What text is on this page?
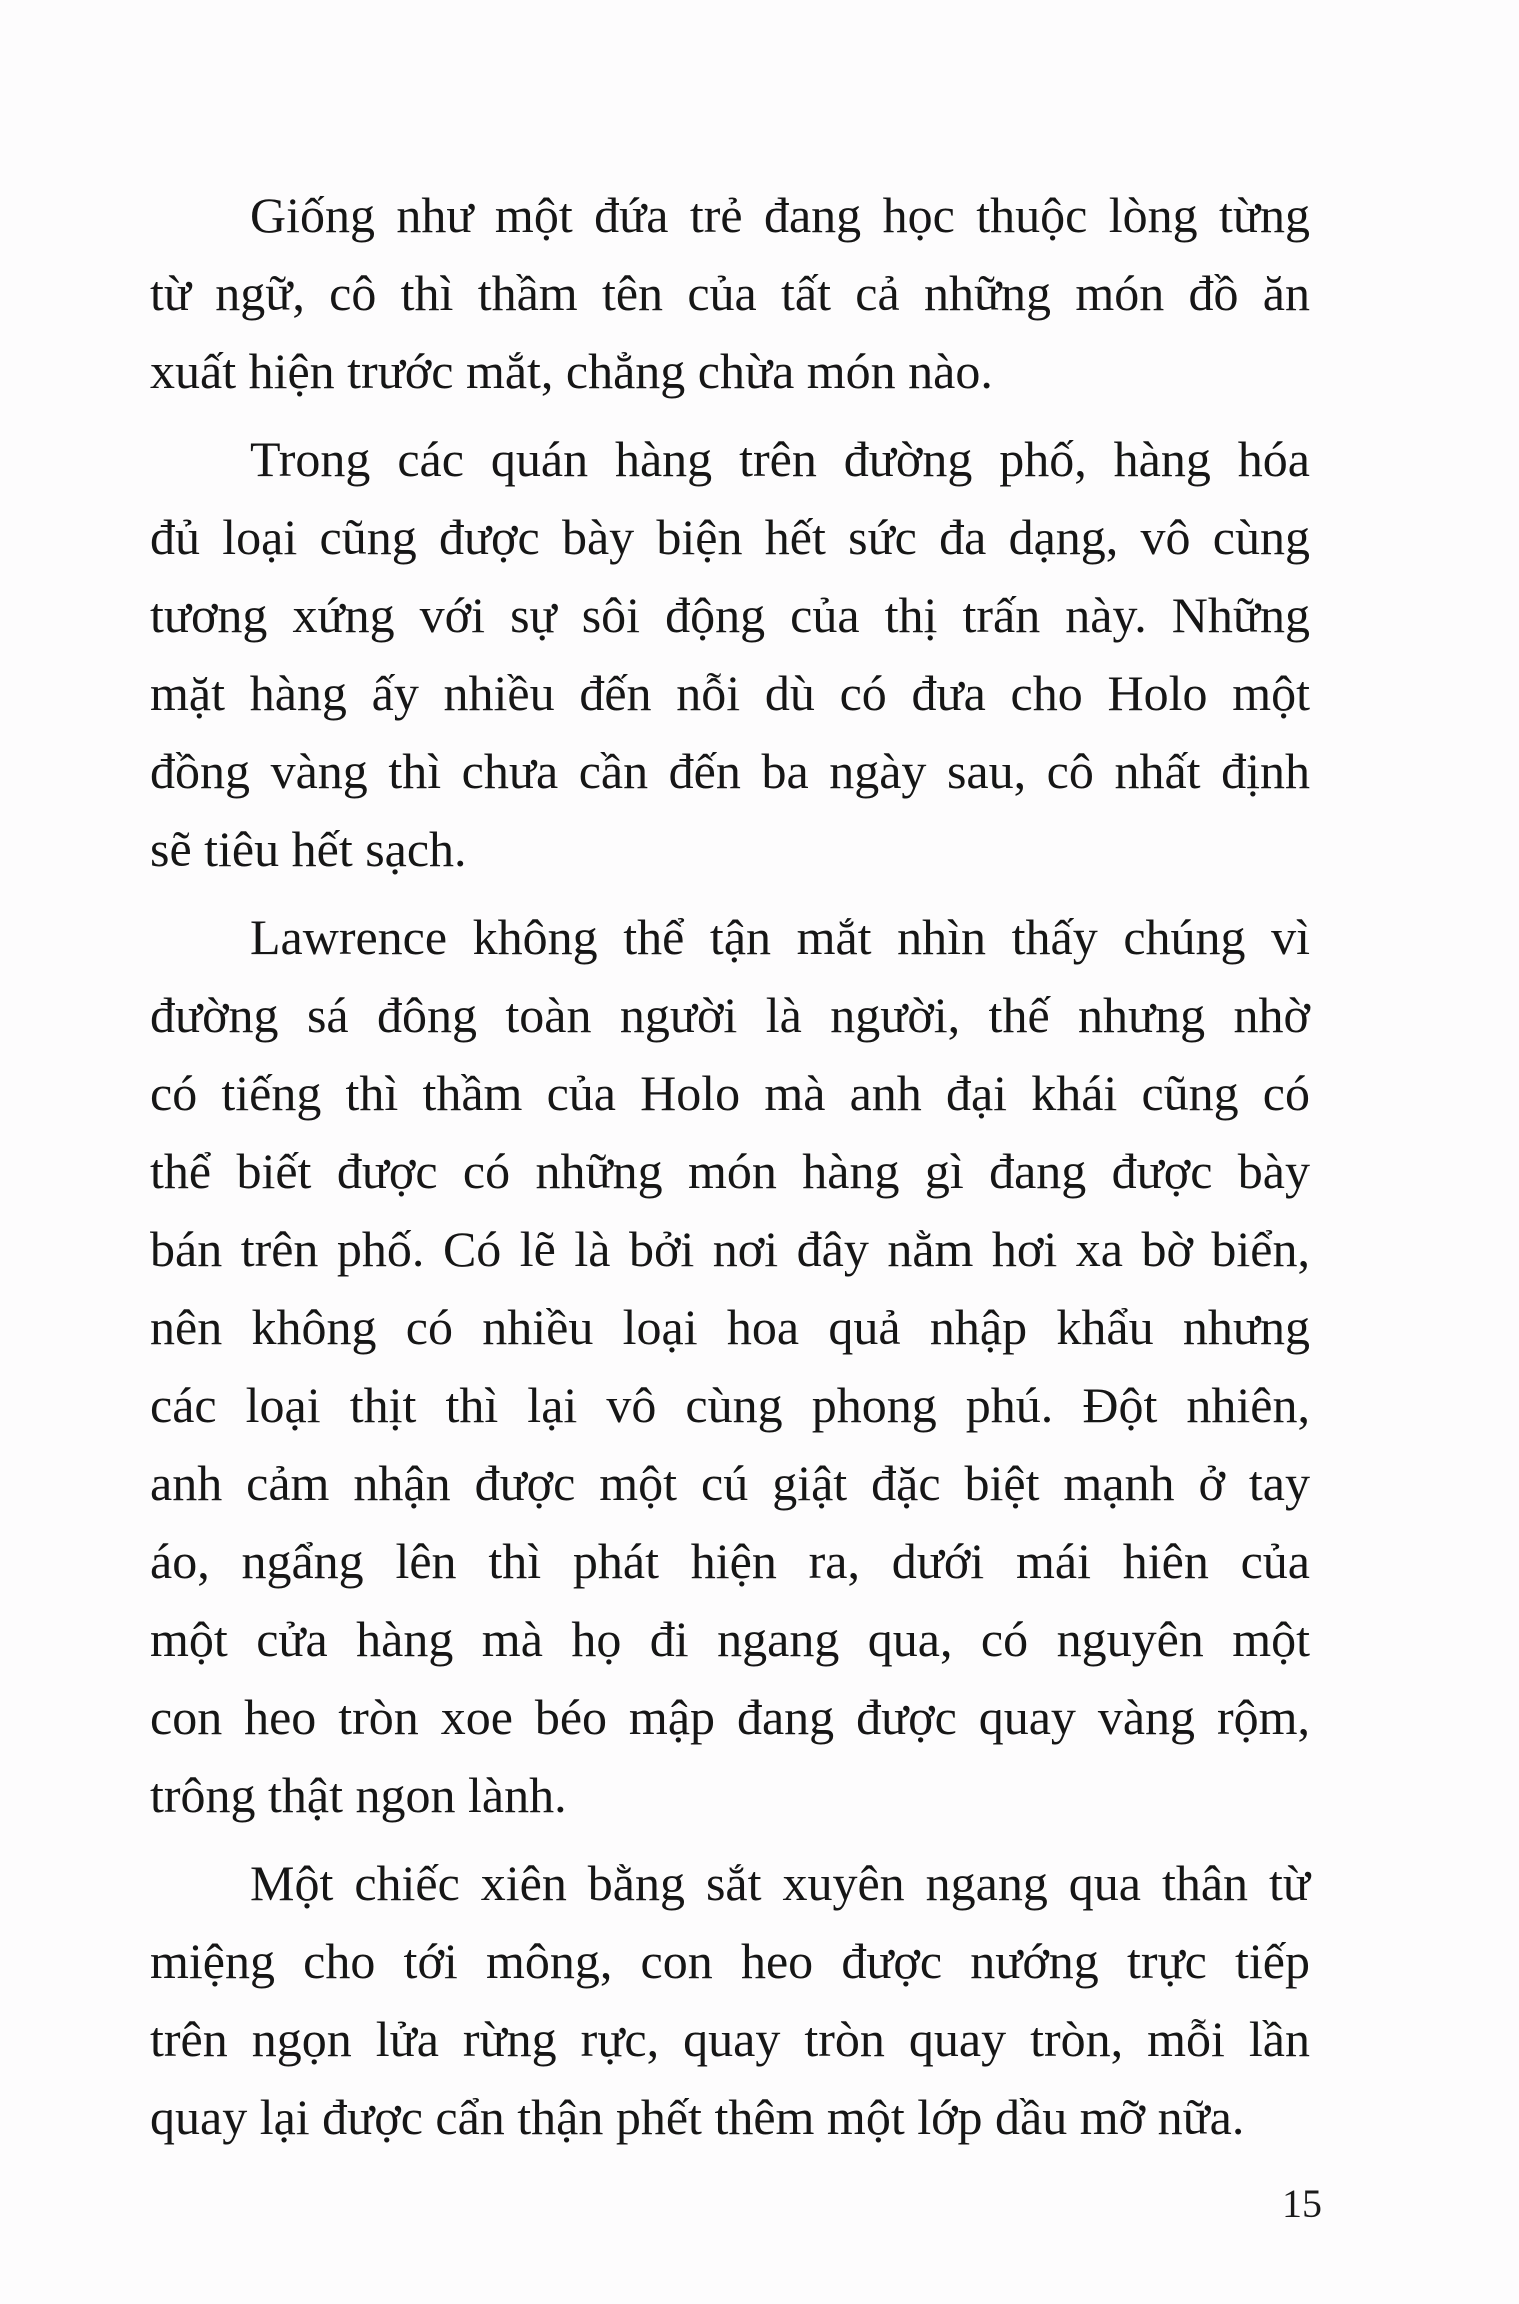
Giống như một đứa trẻ đang học thuộc lòng từng
từ ngữ, cô thì thầm tên của tất cả những món đồ ăn
xuất hiện trước mắt, chẳng chừa món nào.
Trong các quán hàng trên đường phố, hàng hóa
đủ loại cũng được bày biện hết sức đa dạng, vô cùng
tương xứng với sự sôi động của thị trấn này. Những
mặt hàng ấy nhiều đến nỗi dù có đưa cho Holo một
đồng vàng thì chưa cần đến ba ngày sau, cô nhất định
sẽ tiêu hết sạch.
Lawrence không thể tận mắt nhìn thấy chúng vì
đường sá đông toàn người là người, thế nhưng nhờ
có tiếng thì thầm của Holo mà anh đại khái cũng có
thể biết được có những món hàng gì đang được bày
bán trên phố. Có lẽ là bởi nơi đây nằm hơi xa bờ biển,
nên không có nhiều loại hoa quả nhập khẩu nhưng
các loại thịt thì lại vô cùng phong phú. Đột nhiên,
anh cảm nhận được một cú giật đặc biệt mạnh ở tay
áo, ngẩng lên thì phát hiện ra, dưới mái hiên của
một cửa hàng mà họ đi ngang qua, có nguyên một
con heo tròn xoe béo mập đang được quay vàng rộm,
trông thật ngon lành.
Một chiếc xiên bằng sắt xuyên ngang qua thân từ
miệng cho tới mông, con heo được nướng trực tiếp
trên ngọn lửa rừng rực, quay tròn quay tròn, mỗi lần
quay lại được cẩn thận phết thêm một lớp dầu mỡ nữa.
15
